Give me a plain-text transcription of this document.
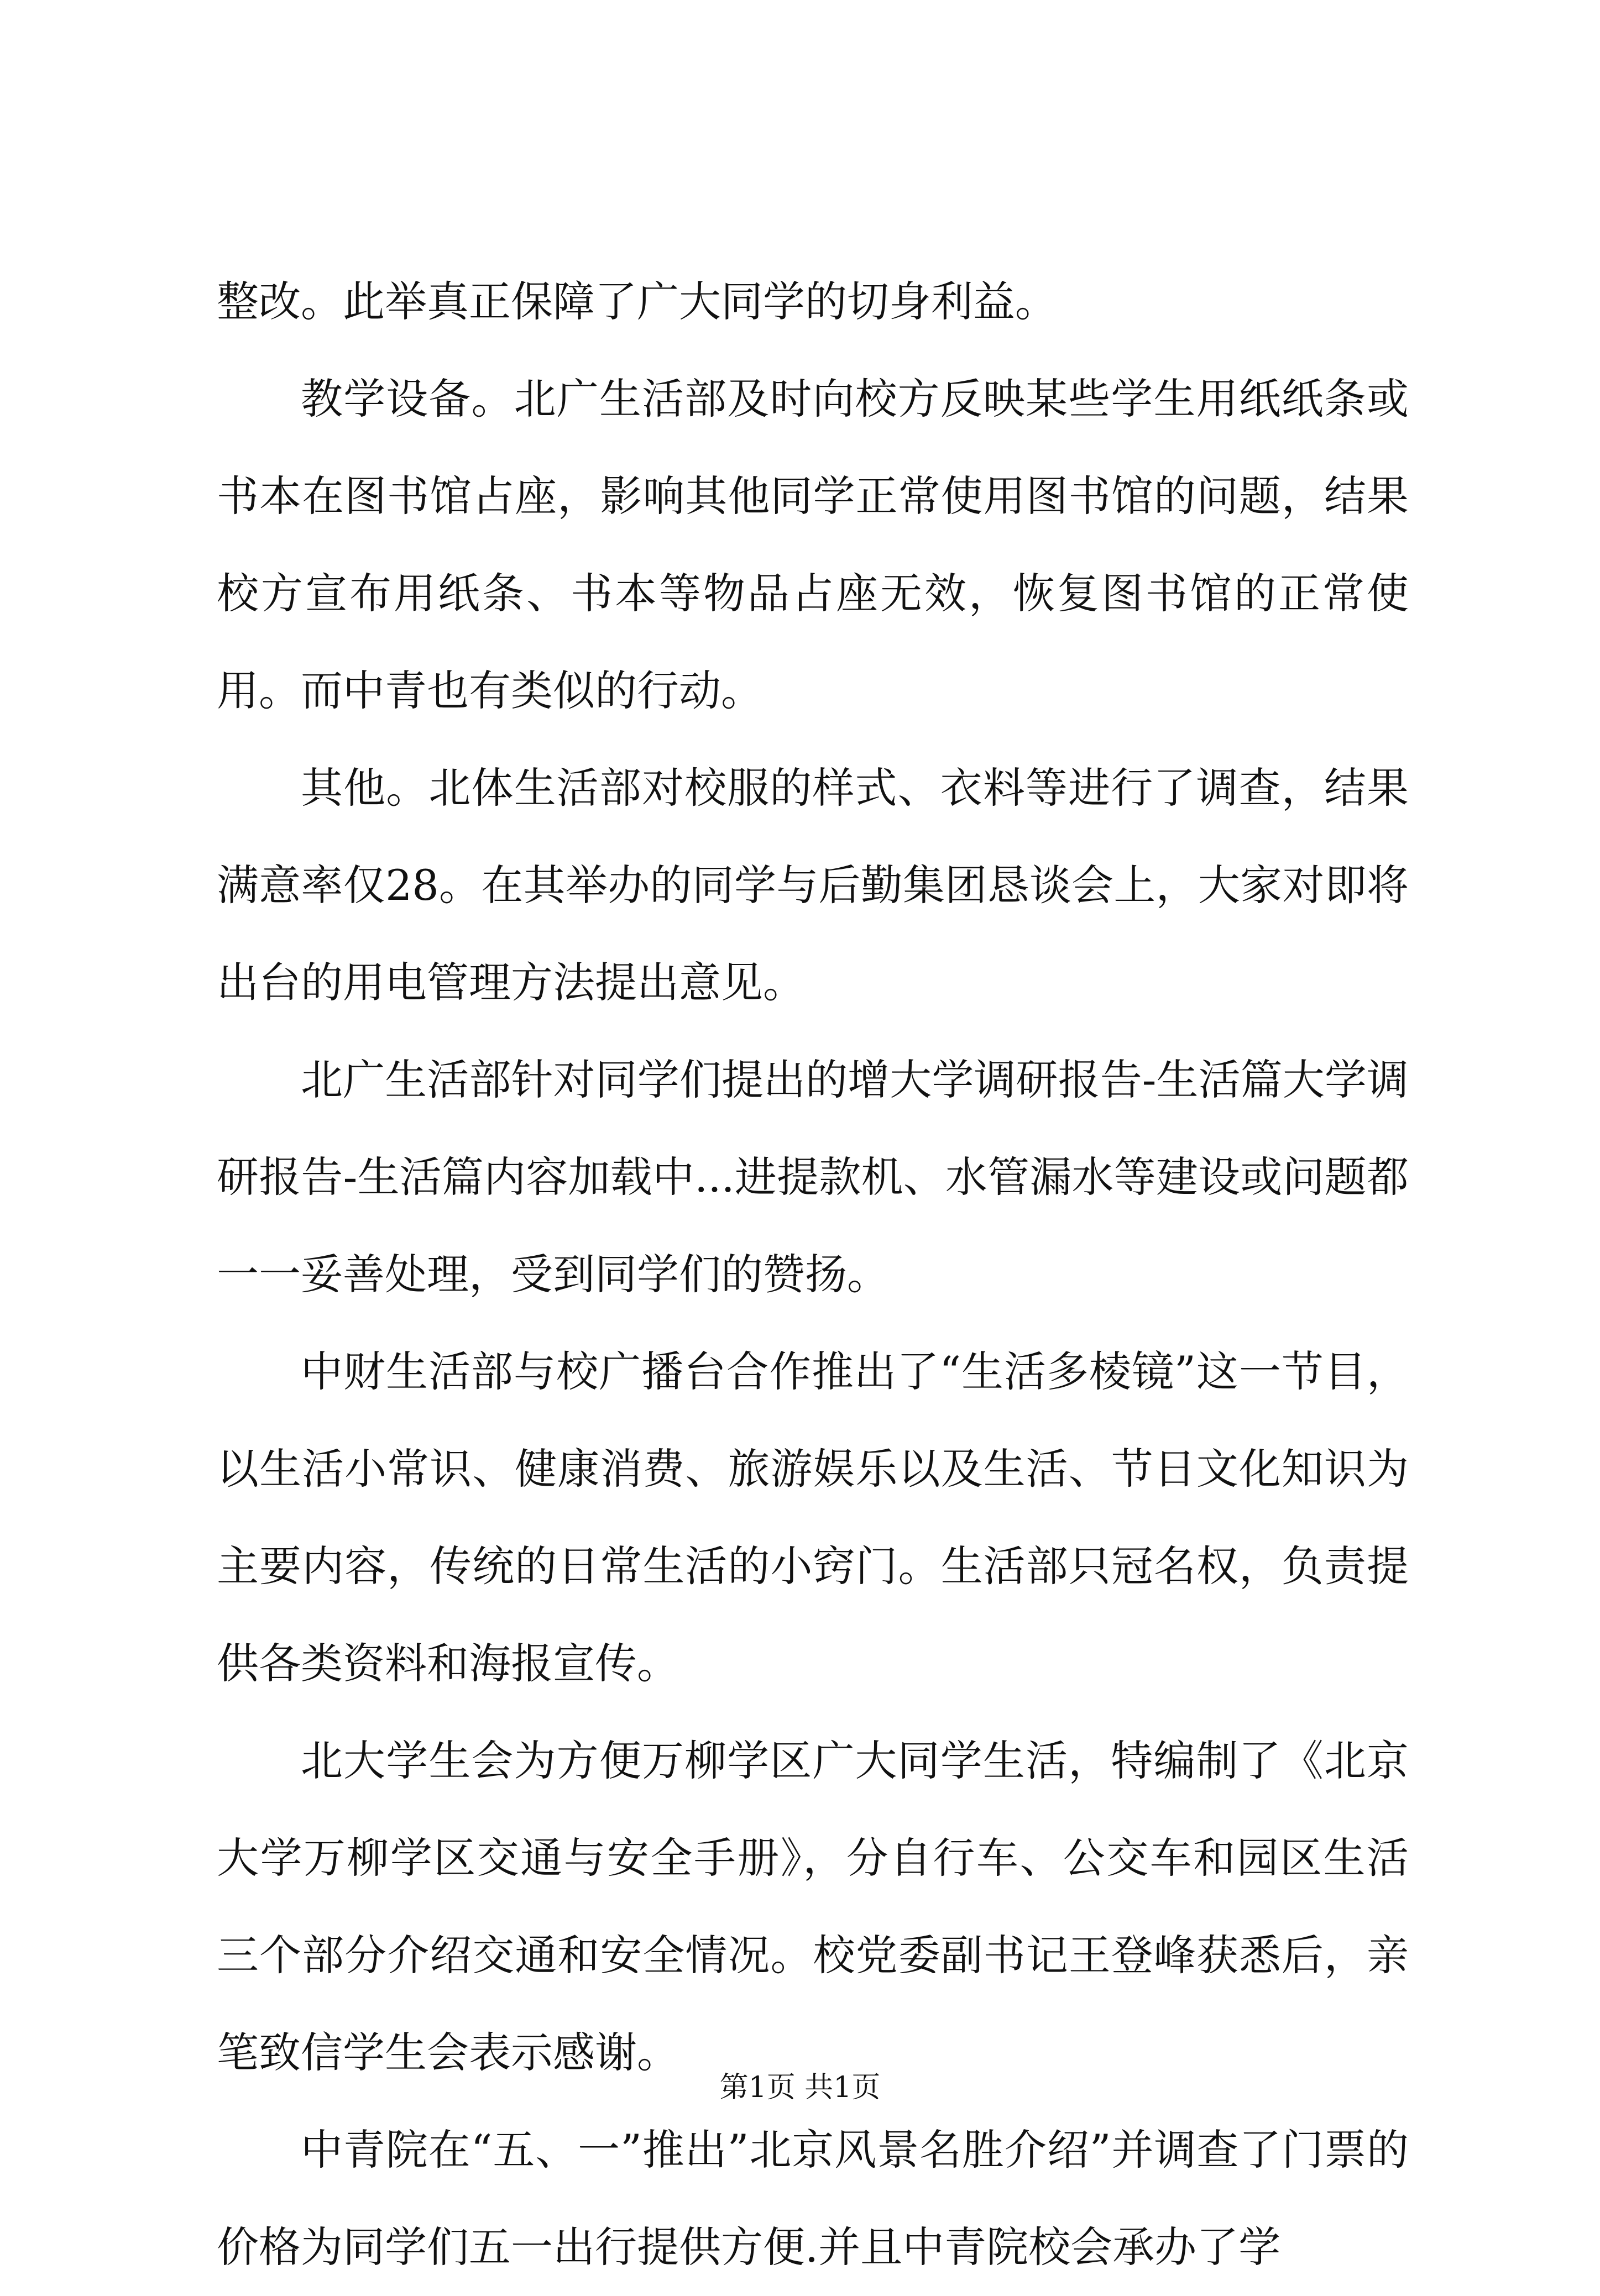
整改。此举真正保障了广大同学的切身利益。

教学设备。北广生活部及时向校方反映某些学生用纸纸条或书本在图书馆占座，影响其他同学正常使用图书馆的问题，结果校方宣布用纸条、书本等物品占座无效，恢复图书馆的正常使用。而中青也有类似的行动。

其他。北体生活部对校服的样式、衣料等进行了调查，结果满意率仅28。在其举办的同学与后勤集团恳谈会上，大家对即将出台的用电管理方法提出意见。

北广生活部针对同学们提出的增大学调研报告-生活篇大学调研报告-生活篇内容加载中...进提款机、水管漏水等建设或问题都一一妥善处理，受到同学们的赞扬。

中财生活部与校广播台合作推出了“生活多棱镜”这一节目，以生活小常识、健康消费、旅游娱乐以及生活、节日文化知识为主要内容，传统的日常生活的小窍门。生活部只冠名权，负责提供各类资料和海报宣传。

北大学生会为方便万柳学区广大同学生活，特编制了《北京大学万柳学区交通与安全手册》，分自行车、公交车和园区生活三个部分介绍交通和安全情况。校党委副书记王登峰获悉后，亲笔致信学生会表示感谢。

中青院在“五、一”推出”北京风景名胜介绍”并调查了门票的价格为同学们五一出行提供方便.并且中青院校会承办了学

第1页 共1页
